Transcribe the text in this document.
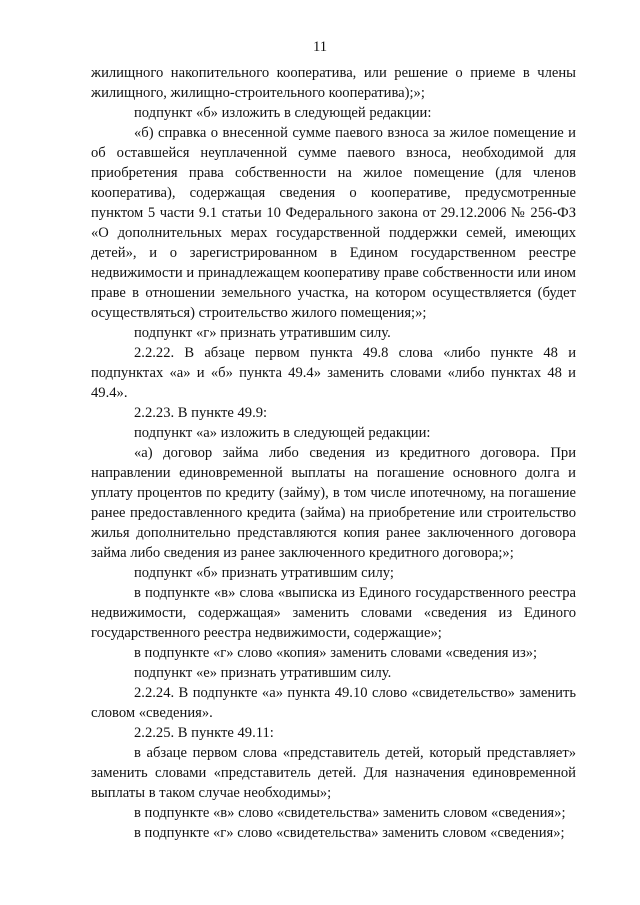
11

жилищного накопительного кооператива, или решение о приеме в члены жилищного, жилищно-строительного кооператива);»;

подпункт «б» изложить в следующей редакции:

«б) справка о внесенной сумме паевого взноса за жилое помещение и об оставшейся неуплаченной сумме паевого взноса, необходимой для приобретения права собственности на жилое помещение (для членов кооператива), содержащая сведения о кооперативе, предусмотренные пунктом 5 части 9.1 статьи 10 Федерального закона от 29.12.2006 № 256-ФЗ «О дополнительных мерах государственной поддержки семей, имеющих детей», и о зарегистрированном в Едином государственном реестре недвижимости и принадлежащем кооперативу праве собственности или ином праве в отношении земельного участка, на котором осуществляется (будет осуществляться) строительство жилого помещения;»;

подпункт «г» признать утратившим силу.

2.2.22. В абзаце первом пункта 49.8 слова «либо пункте 48 и подпунктах «а» и «б» пункта 49.4» заменить словами «либо пунктах 48 и 49.4».

2.2.23. В пункте 49.9:

подпункт «а» изложить в следующей редакции:

«а) договор займа либо сведения из кредитного договора. При направлении единовременной выплаты на погашение основного долга и уплату процентов по кредиту (займу), в том числе ипотечному, на погашение ранее предоставленного кредита (займа) на приобретение или строительство жилья дополнительно представляются копия ранее заключенного договора займа либо сведения из ранее заключенного кредитного договора;»;

подпункт «б» признать утратившим силу;

в подпункте «в» слова «выписка из Единого государственного реестра недвижимости, содержащая» заменить словами «сведения из Единого государственного реестра недвижимости, содержащие»;

в подпункте «г» слово «копия» заменить словами «сведения из»;

подпункт «е» признать утратившим силу.

2.2.24. В подпункте «а» пункта 49.10 слово «свидетельство» заменить словом «сведения».

2.2.25. В пункте 49.11:

в абзаце первом слова «представитель детей, который представляет» заменить словами «представитель детей. Для назначения единовременной выплаты в таком случае необходимы»;

в подпункте «в» слово «свидетельства» заменить словом «сведения»;

в подпункте «г» слово «свидетельства» заменить словом «сведения»;
